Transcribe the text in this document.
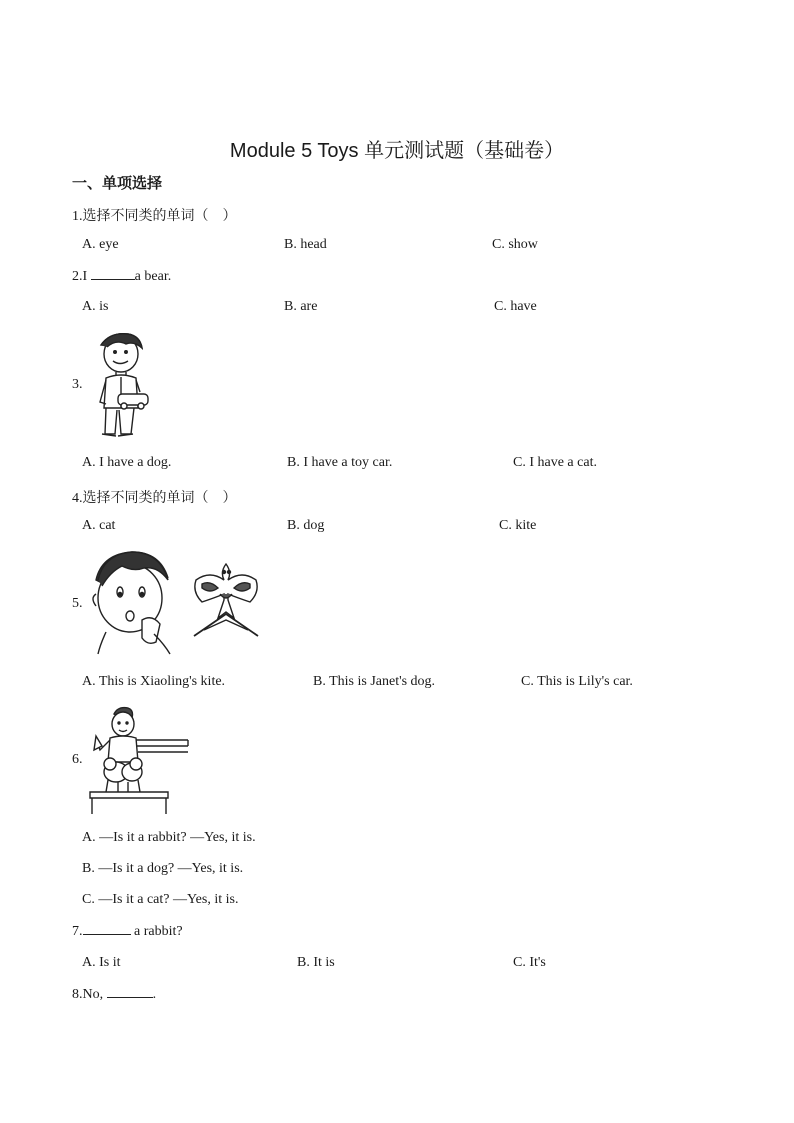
Module 5 Toys 单元测试题（基础卷）
一、单项选择
1.选择不同类的单词（　）
A. eye	B. head	C. show
2.I	a bear.
A. is	B. are	C. have
3.
A. I have a dog.	B. I have a toy car.	C. I have a cat.
4.选择不同类的单词（　）
A. cat	B. dog	C. kite
5.
A. This is Xiaoling's kite.	B. This is Janet's dog.	C. This is Lily's car.
6.
A. —Is it a rabbit? —Yes, it is.
B. —Is it a dog? —Yes, it is.
C. —Is it a cat? —Yes, it is.
7.	a rabbit?
A. Is it	B. It is	C. It's
8.No,	.
